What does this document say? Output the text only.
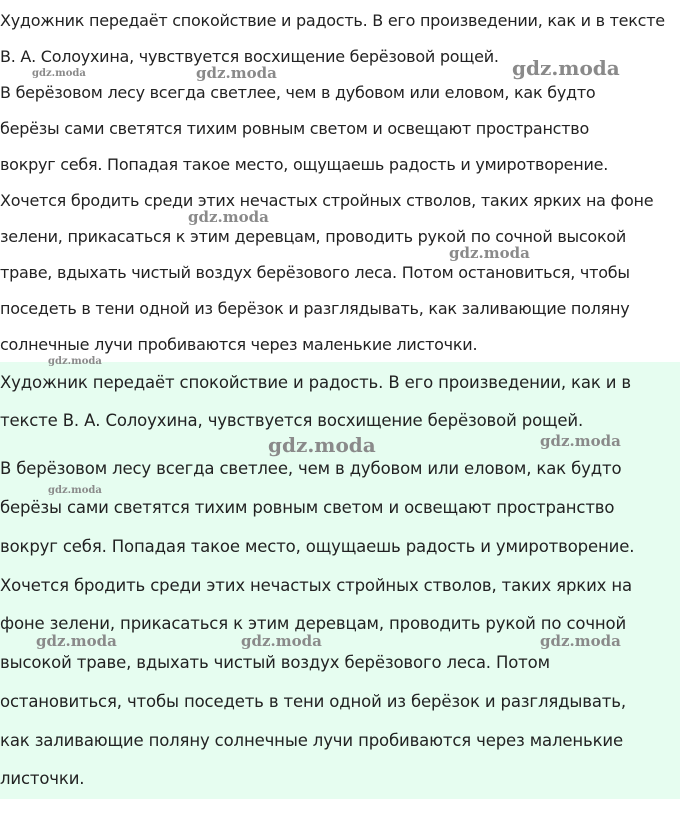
Художник передаёт спокойствие и радость. В его произведении, как и в тексте

В. А. Солоухина, чувствуется восхищение берёзовой рощей.

В берёзовом лесу всегда светлее, чем в дубовом или еловом, как будто

берёзы сами светятся тихим ровным светом и освещают пространство

вокруг себя. Попадая такое место, ощущаешь радость и умиротворение.

Хочется бродить среди этих нечастых стройных стволов, таких ярких на фоне

зелени, прикасаться к этим деревцам, проводить рукой по сочной высокой

траве, вдыхать чистый воздух берёзового леса. Потом остановиться, чтобы

поседеть в тени одной из берёзок и разглядывать, как заливающие поляну

солнечные лучи пробиваются через маленькие листочки.

Художник передаёт спокойствие и радость. В его произведении, как и в

тексте В. А. Солоухина, чувствуется восхищение берёзовой рощей.

В берёзовом лесу всегда светлее, чем в дубовом или еловом, как будто

берёзы сами светятся тихим ровным светом и освещают пространство

вокруг себя. Попадая такое место, ощущаешь радость и умиротворение.

Хочется бродить среди этих нечастых стройных стволов, таких ярких на

фоне зелени, прикасаться к этим деревцам, проводить рукой по сочной

высокой траве, вдыхать чистый воздух берёзового леса. Потом

остановиться, чтобы поседеть в тени одной из берёзок и разглядывать,

как заливающие поляну солнечные лучи пробиваются через маленькие

листочки.

gdz.moda	gdz.moda	gdz.moda
gdz.moda
gdz.moda
gdz.moda
gdz.moda	gdz.moda
gdz.moda
gdz.moda	gdz.moda	gdz.moda
